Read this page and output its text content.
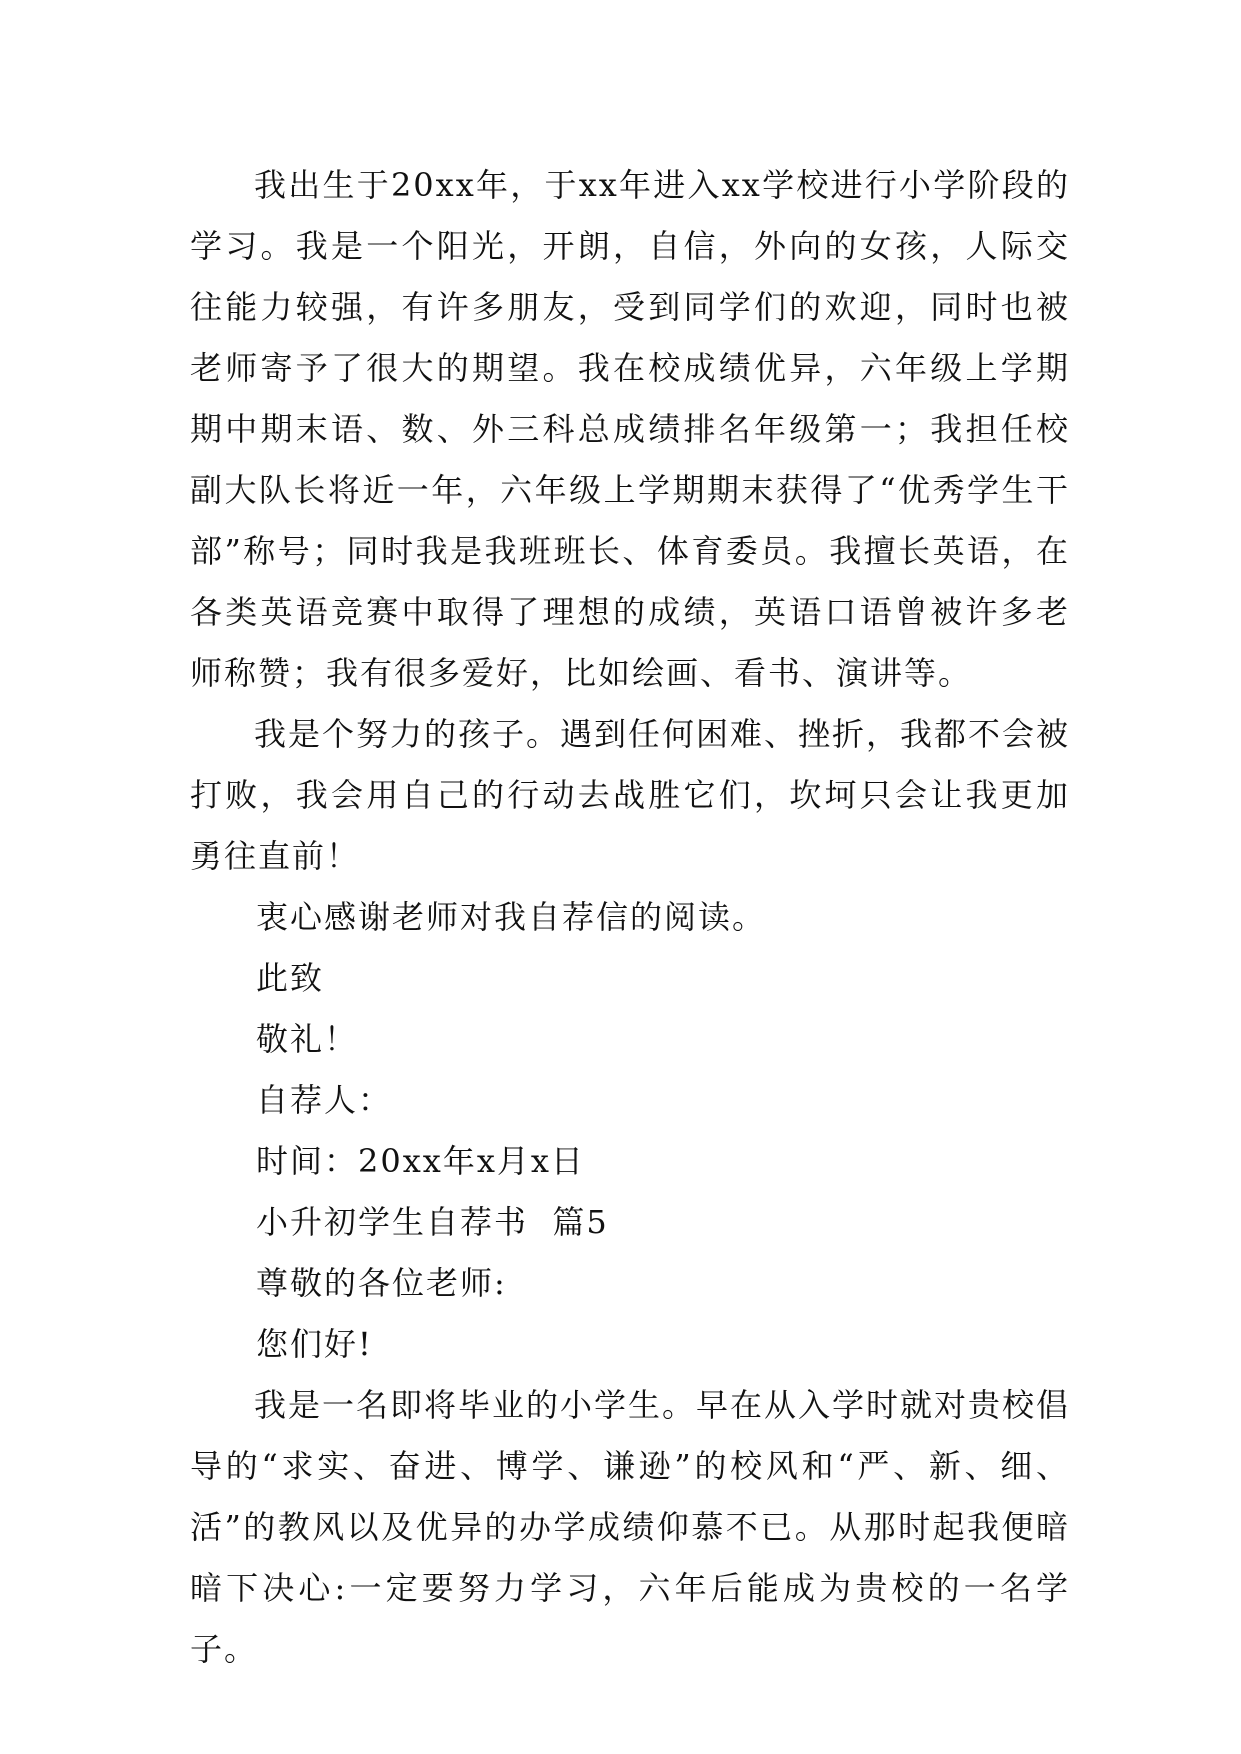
我出生于20xx年，于xx年进入xx学校进行小学阶段的学习。我是一个阳光，开朗，自信，外向的女孩，人际交往能力较强，有许多朋友，受到同学们的欢迎，同时也被老师寄予了很大的期望。我在校成绩优异，六年级上学期期中期末语、数、外三科总成绩排名年级第一；我担任校副大队长将近一年，六年级上学期期末获得了“优秀学生干部”称号；同时我是我班班长、体育委员。我擅长英语，在各类英语竞赛中取得了理想的成绩，英语口语曾被许多老师称赞；我有很多爱好，比如绘画、看书、演讲等。

我是个努力的孩子。遇到任何困难、挫折，我都不会被打败，我会用自己的行动去战胜它们，坎坷只会让我更加勇往直前！

衷心感谢老师对我自荐信的阅读。

此致

敬礼！

自荐人：

时间：20xx年x月x日

小升初学生自荐书  篇5

尊敬的各位老师:

您们好!

我是一名即将毕业的小学生。早在从入学时就对贵校倡导的“求实、奋进、博学、谦逊”的校风和“严、新、细、活”的教风以及优异的办学成绩仰慕不已。从那时起我便暗暗下决心:一定要努力学习，六年后能成为贵校的一名学子。
